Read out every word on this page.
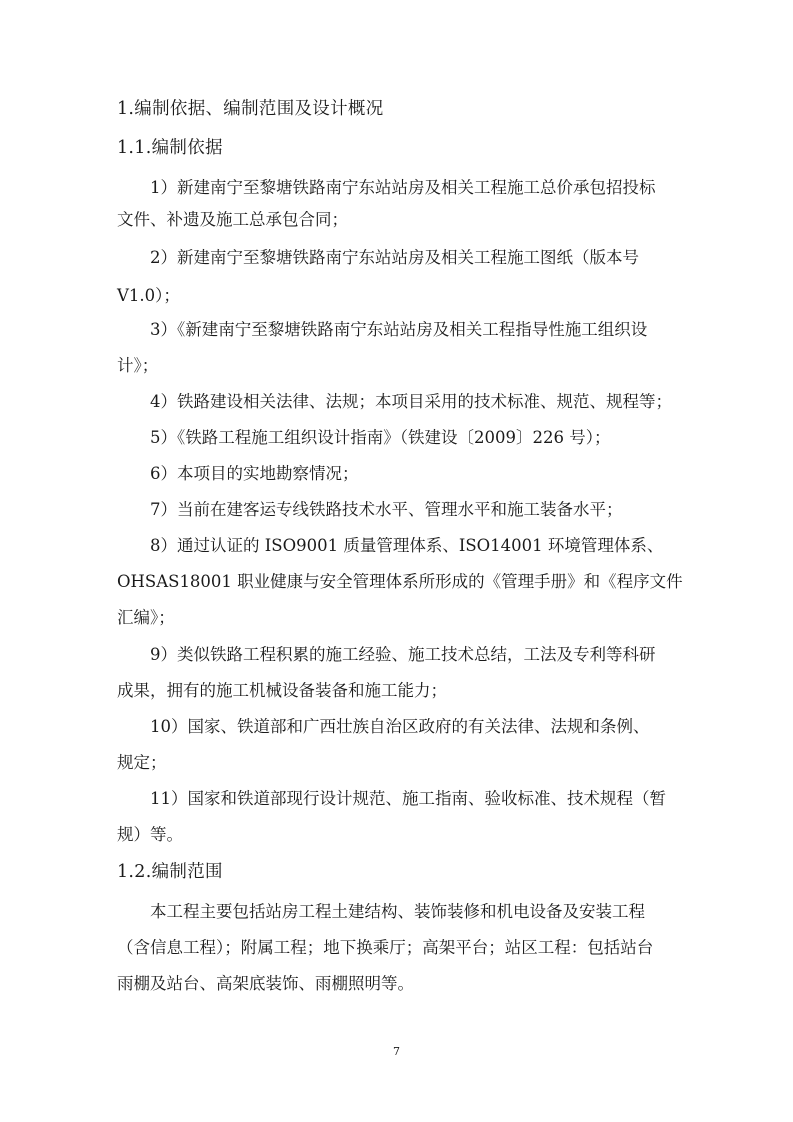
1.编制依据、编制范围及设计概况

1.1.编制依据

1）新建南宁至黎塘铁路南宁东站站房及相关工程施工总价承包招投标

文件、补遗及施工总承包合同；

2）新建南宁至黎塘铁路南宁东站站房及相关工程施工图纸（版本号

V1.0）；

3）《新建南宁至黎塘铁路南宁东站站房及相关工程指导性施工组织设

计》；

4）铁路建设相关法律、法规；本项目采用的技术标准、规范、规程等；

5）《铁路工程施工组织设计指南》（铁建设〔2009〕226 号）；

6）本项目的实地勘察情况；

7）当前在建客运专线铁路技术水平、管理水平和施工装备水平；

8）通过认证的 ISO9001 质量管理体系、ISO14001 环境管理体系、

OHSAS18001 职业健康与安全管理体系所形成的《管理手册》和《程序文件

汇编》；

9）类似铁路工程积累的施工经验、施工技术总结，工法及专利等科研

成果，拥有的施工机械设备装备和施工能力；

10）国家、铁道部和广西壮族自治区政府的有关法律、法规和条例、

规定；

11）国家和铁道部现行设计规范、施工指南、验收标准、技术规程（暂

规）等。

1.2.编制范围

本工程主要包括站房工程土建结构、装饰装修和机电设备及安装工程

（含信息工程）；附属工程；地下换乘厅；高架平台；站区工程：包括站台

雨棚及站台、高架底装饰、雨棚照明等。

7
